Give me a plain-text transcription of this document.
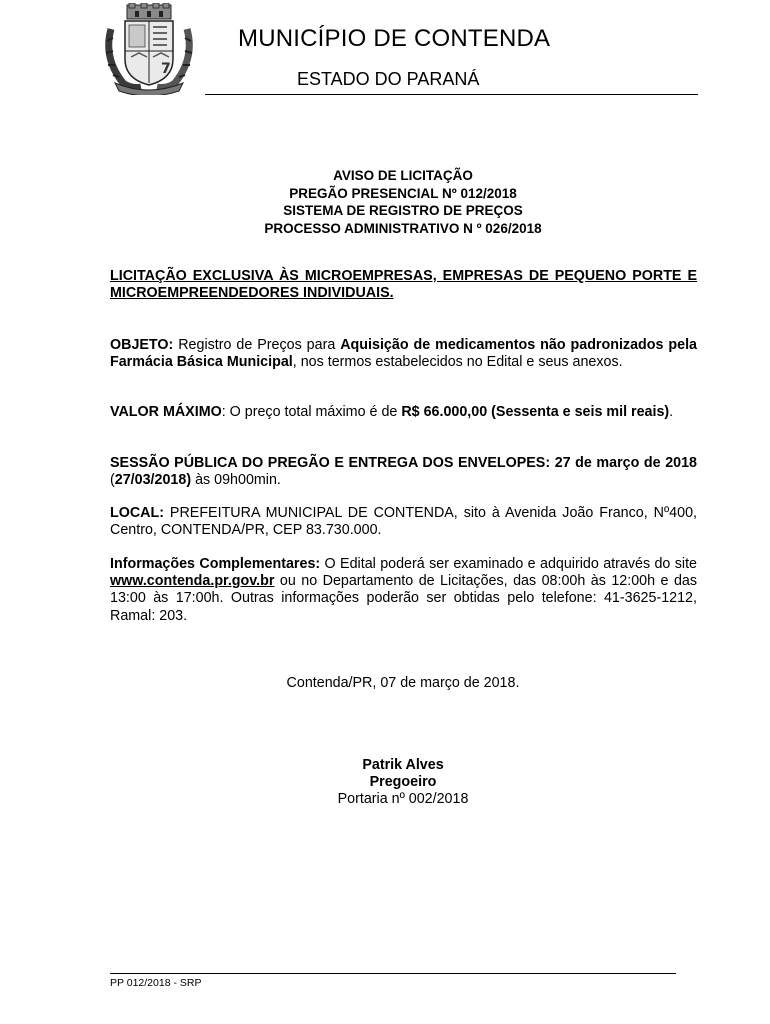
7
MUNICÍPIO DE CONTENDA
ESTADO DO PARANÁ
AVISO DE LICITAÇÃO
PREGÃO PRESENCIAL Nº 012/2018
SISTEMA DE REGISTRO DE PREÇOS
PROCESSO ADMINISTRATIVO N º 026/2018
LICITAÇÃO EXCLUSIVA ÀS MICROEMPRESAS, EMPRESAS DE PEQUENO PORTE E MICROEMPREENDEDORES INDIVIDUAIS.
OBJETO: Registro de Preços para Aquisição de medicamentos não padronizados pela Farmácia Básica Municipal, nos termos estabelecidos no Edital e seus anexos.
VALOR MÁXIMO: O preço total máximo é de R$ 66.000,00 (Sessenta e seis mil reais).
SESSÃO PÚBLICA DO PREGÃO E ENTREGA DOS ENVELOPES: 27 de março de 2018 (27/03/2018) às 09h00min.
LOCAL: PREFEITURA MUNICIPAL DE CONTENDA, sito à Avenida João Franco, Nº400, Centro, CONTENDA/PR, CEP 83.730.000.
Informações Complementares: O Edital poderá ser examinado e adquirido através do site www.contenda.pr.gov.br ou no Departamento de Licitações, das 08:00h às 12:00h e das 13:00 às 17:00h. Outras informações poderão ser obtidas pelo telefone: 41-3625-1212, Ramal: 203.
Contenda/PR, 07 de março de 2018.
Patrik Alves
Pregoeiro
Portaria nº 002/2018
PP 012/2018 - SRP
